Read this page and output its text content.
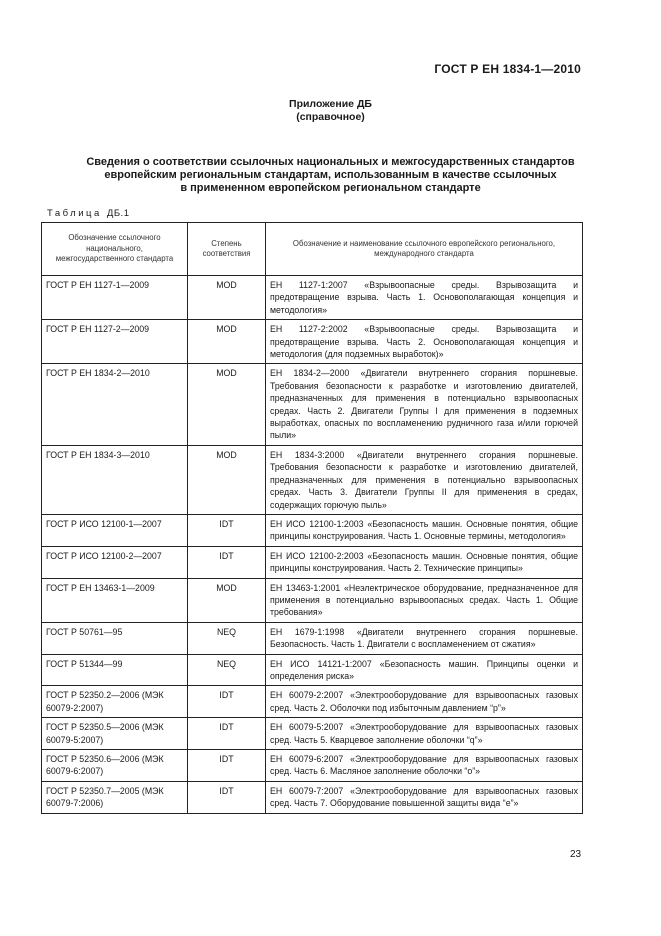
ГОСТ Р ЕН 1834-1—2010
Приложение ДБ
(справочное)
Сведения о соответствии ссылочных национальных и межгосударственных стандартов
европейским региональным стандартам, использованным в качестве ссылочных
в примененном европейском региональном стандарте
Таблица ДБ.1
Обозначение ссылочного национального, межгосударственного стандарта	Степень соответствия	Обозначение и наименование ссылочного европейского регионального, международного стандарта
ГОСТ Р ЕН 1127-1—2009	MOD	ЕН 1127-1:2007 «Взрывоопасные среды. Взрывозащита и предотвращение взрыва. Часть 1. Основополагающая концепция и методология»
ГОСТ Р ЕН 1127-2—2009	MOD	ЕН 1127-2:2002 «Взрывоопасные среды. Взрывозащита и предотвращение взрыва. Часть 2. Основополагающая концепция и методология (для подземных выработок)»
ГОСТ Р ЕН 1834-2—2010	MOD	ЕН 1834-2—2000 «Двигатели внутреннего сгорания поршневые. Требования безопасности к разработке и изготовлению двигателей, предназначенных для применения в потенциально взрывоопасных средах. Часть 2. Двигатели Группы I для применения в подземных выработках, опасных по воспламенению рудничного газа и/или горючей пыли»
ГОСТ Р ЕН 1834-3—2010	MOD	ЕН 1834-3:2000 «Двигатели внутреннего сгорания поршневые. Требования безопасности к разработке и изготовлению двигателей, предназначенных для применения в потенциально взрывоопасных средах. Часть 3. Двигатели Группы II для применения в средах, содержащих горючую пыль»
ГОСТ Р ИСО 12100-1—2007	IDT	ЕН ИСО 12100-1:2003 «Безопасность машин. Основные понятия, общие принципы конструирования. Часть 1. Основные термины, методология»
ГОСТ Р ИСО 12100-2—2007	IDT	ЕН ИСО 12100-2:2003 «Безопасность машин. Основные понятия, общие принципы конструирования. Часть 2. Технические принципы»
ГОСТ Р ЕН 13463-1—2009	MOD	ЕН 13463-1:2001 «Неэлектрическое оборудование, предназначенное для применения в потенциально взрывоопасных средах. Часть 1. Общие требования»
ГОСТ Р 50761—95	NEQ	ЕН 1679-1:1998 «Двигатели внутреннего сгорания поршневые. Безопасность. Часть 1. Двигатели с воспламенением от сжатия»
ГОСТ Р 51344—99	NEQ	ЕН ИСО 14121-1:2007 «Безопасность машин. Принципы оценки и определения риска»
ГОСТ Р 52350.2—2006 (МЭК 60079-2:2007)	IDT	ЕН 60079-2:2007 «Электрооборудование для взрывоопасных газовых сред. Часть 2. Оболочки под избыточным давлением “p”»
ГОСТ Р 52350.5—2006 (МЭК 60079-5:2007)	IDT	ЕН 60079-5:2007 «Электрооборудование для взрывоопасных газовых сред. Часть 5. Кварцевое заполнение оболочки “q”»
ГОСТ Р 52350.6—2006 (МЭК 60079-6:2007)	IDT	ЕН 60079-6:2007 «Электрооборудование для взрывоопасных газовых сред. Часть 6. Масляное заполнение оболочки “o”»
ГОСТ Р 52350.7—2005 (МЭК 60079-7:2006)	IDT	ЕН 60079-7:2007 «Электрооборудование для взрывоопасных газовых сред. Часть 7. Оборудование повышенной защиты вида “e”»
23
